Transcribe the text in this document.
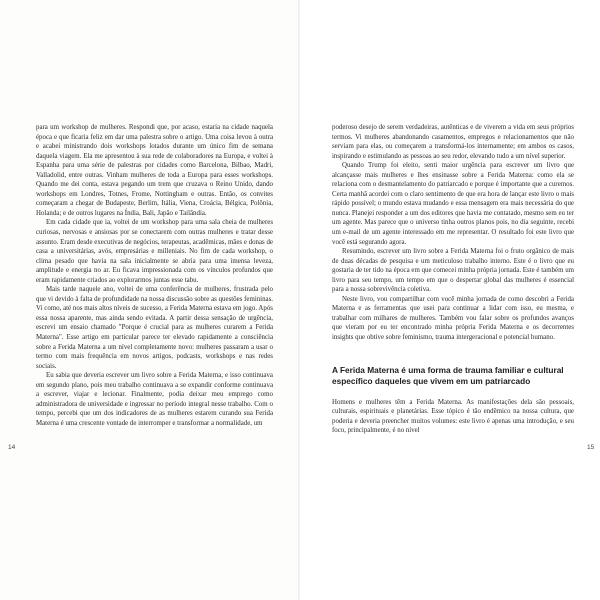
para um workshop de mulheres. Respondi que, por acaso, estaria na cidade naquela época e que ficaria feliz em dar uma palestra sobre o artigo. Uma coisa levou à outra e acabei ministrando dois workshops lotados durante um único fim de semana daquela viagem. Ela me apresentou à sua rede de colaboradores na Europa, e voltei à Espanha para uma série de palestras por cidades como Barcelona, Bilbao, Madri, Valladolid, entre outras. Vinham mulheres de toda a Europa para esses workshops. Quando me dei conta, estava pegando um trem que cruzava o Reino Unido, dando workshops em Londres, Totnes, Frome, Nottingham e outras. Então, os convites começaram a chegar de Budapeste, Berlim, Itália, Viena, Croácia, Bélgica, Polônia, Holanda; e de outros lugares na Índia, Bali, Japão e Tailândia.

Em cada cidade que ia, voltei de um workshop para uma sala cheia de mulheres curiosas, nervosas e ansiosas por se conectarem com outras mulheres e tratar desse assunto. Eram desde executivas de negócios, terapeutas, acadêmicas, mães e donas de casa a universitárias, avós, empresárias e milleniais. No fim de cada workshop, o clima pesado que havia na sala inicialmente se abria para uma imensa leveza, amplitude e energia no ar. Eu ficava impressionada com os vínculos profundos que eram rapidamente criados ao explorarmos juntas esse tabu.

Mais tarde naquele ano, voltei de uma conferência de mulheres, frustrada pelo que vi devido à falta de profundidade na nossa discussão sobre as questões femininas. Vi como, até nos mais altos níveis de sucesso, a Ferida Materna estava em jogo. Após essa nossa aparente, mas ainda sendo evitada. A partir dessa sensação de urgência, escrevi um ensaio chamado "Porque é crucial para as mulheres curarem a Ferida Materna". Esse artigo em particular parece ter elevado rapidamente a consciência sobre a Ferida Materna a um nível completamente novo: mulheres passaram a usar o termo com mais frequência em novos artigos, podcasts, workshops e nas redes sociais.

Eu sabia que deveria escrever um livro sobre a Ferida Materna, e isso continuava em segundo plano, pois meu trabalho continuava a se expandir conforme continuava a escrever, viajar e lecionar. Finalmente, podia deixar meu emprego como administradora de universidade e ingressar no período integral nesse trabalho. Com o tempo, percebi que um dos indicadores de as mulheres estarem curando sua Ferida Materna é uma crescente vontade de interromper e transformar a normalidade, um

14

poderoso desejo de serem verdadeiras, autênticas e de viverem a vida em seus próprios termos. Vi mulheres abandonando casamentos, empregos e relacionamentos que não serviam para elas, ou começarem a transformá-los internamente; em ambos os casos, inspirando e estimulando as pessoas ao seu redor, elevando tudo a um nível superior.

Quando Trump foi eleito, senti maior urgência para escrever um livro que alcançasse mais mulheres e lhes ensinasse sobre a Ferida Materna: como ela se relaciona com o desmantelamento do patriarcado e porque é importante que a curemos. Certa manhã acordei com o claro sentimento de que era hora de lançar este livro o mais rápido possível; o mundo estava mudando e essa mensagem era mais necessária do que nunca. Planejei responder a um dos editores que havia me contatado, mesmo sem eu ter um agente. Mas parece que o universo tinha outros planos pois, no dia seguinte, recebi um e-mail de um agente interessado em me representar. O resultado foi este livro que você está segurando agora.

Resumindo, escrever um livro sobre a Ferida Materna foi o fruto orgânico de mais de duas décadas de pesquisa e um meticuloso trabalho interno. Este é o livro que eu gostaria de ter tido na época em que comecei minha própria jornada. Este é também um livro para seu tempo, um tempo em que o despertar global das mulheres é essencial para a nossa sobrevivência coletiva.

Neste livro, vou compartilhar com você minha jornada de como descobri a Ferida Materna e as ferramentas que usei para continuar a lidar com isso, eu mesma, e trabalhar com milhares de mulheres. Também vou falar sobre os profundos avanços que vieram por eu ter encontrado minha própria Ferida Materna e os decorrentes insights que obtive sobre feminismo, trauma intergeracional e potencial humano.

A Ferida Materna é uma forma de trauma familiar e cultural específico daqueles que vivem em um patriarcado

Homens e mulheres têm a Ferida Materna. As manifestações dela são pessoais, culturais, espirituais e planetárias. Esse tópico é tão endêmico na nossa cultura, que poderia e deveria preencher muitos volumes: este livro é apenas uma introdução, e seu foco, principalmente, é no nível

15
